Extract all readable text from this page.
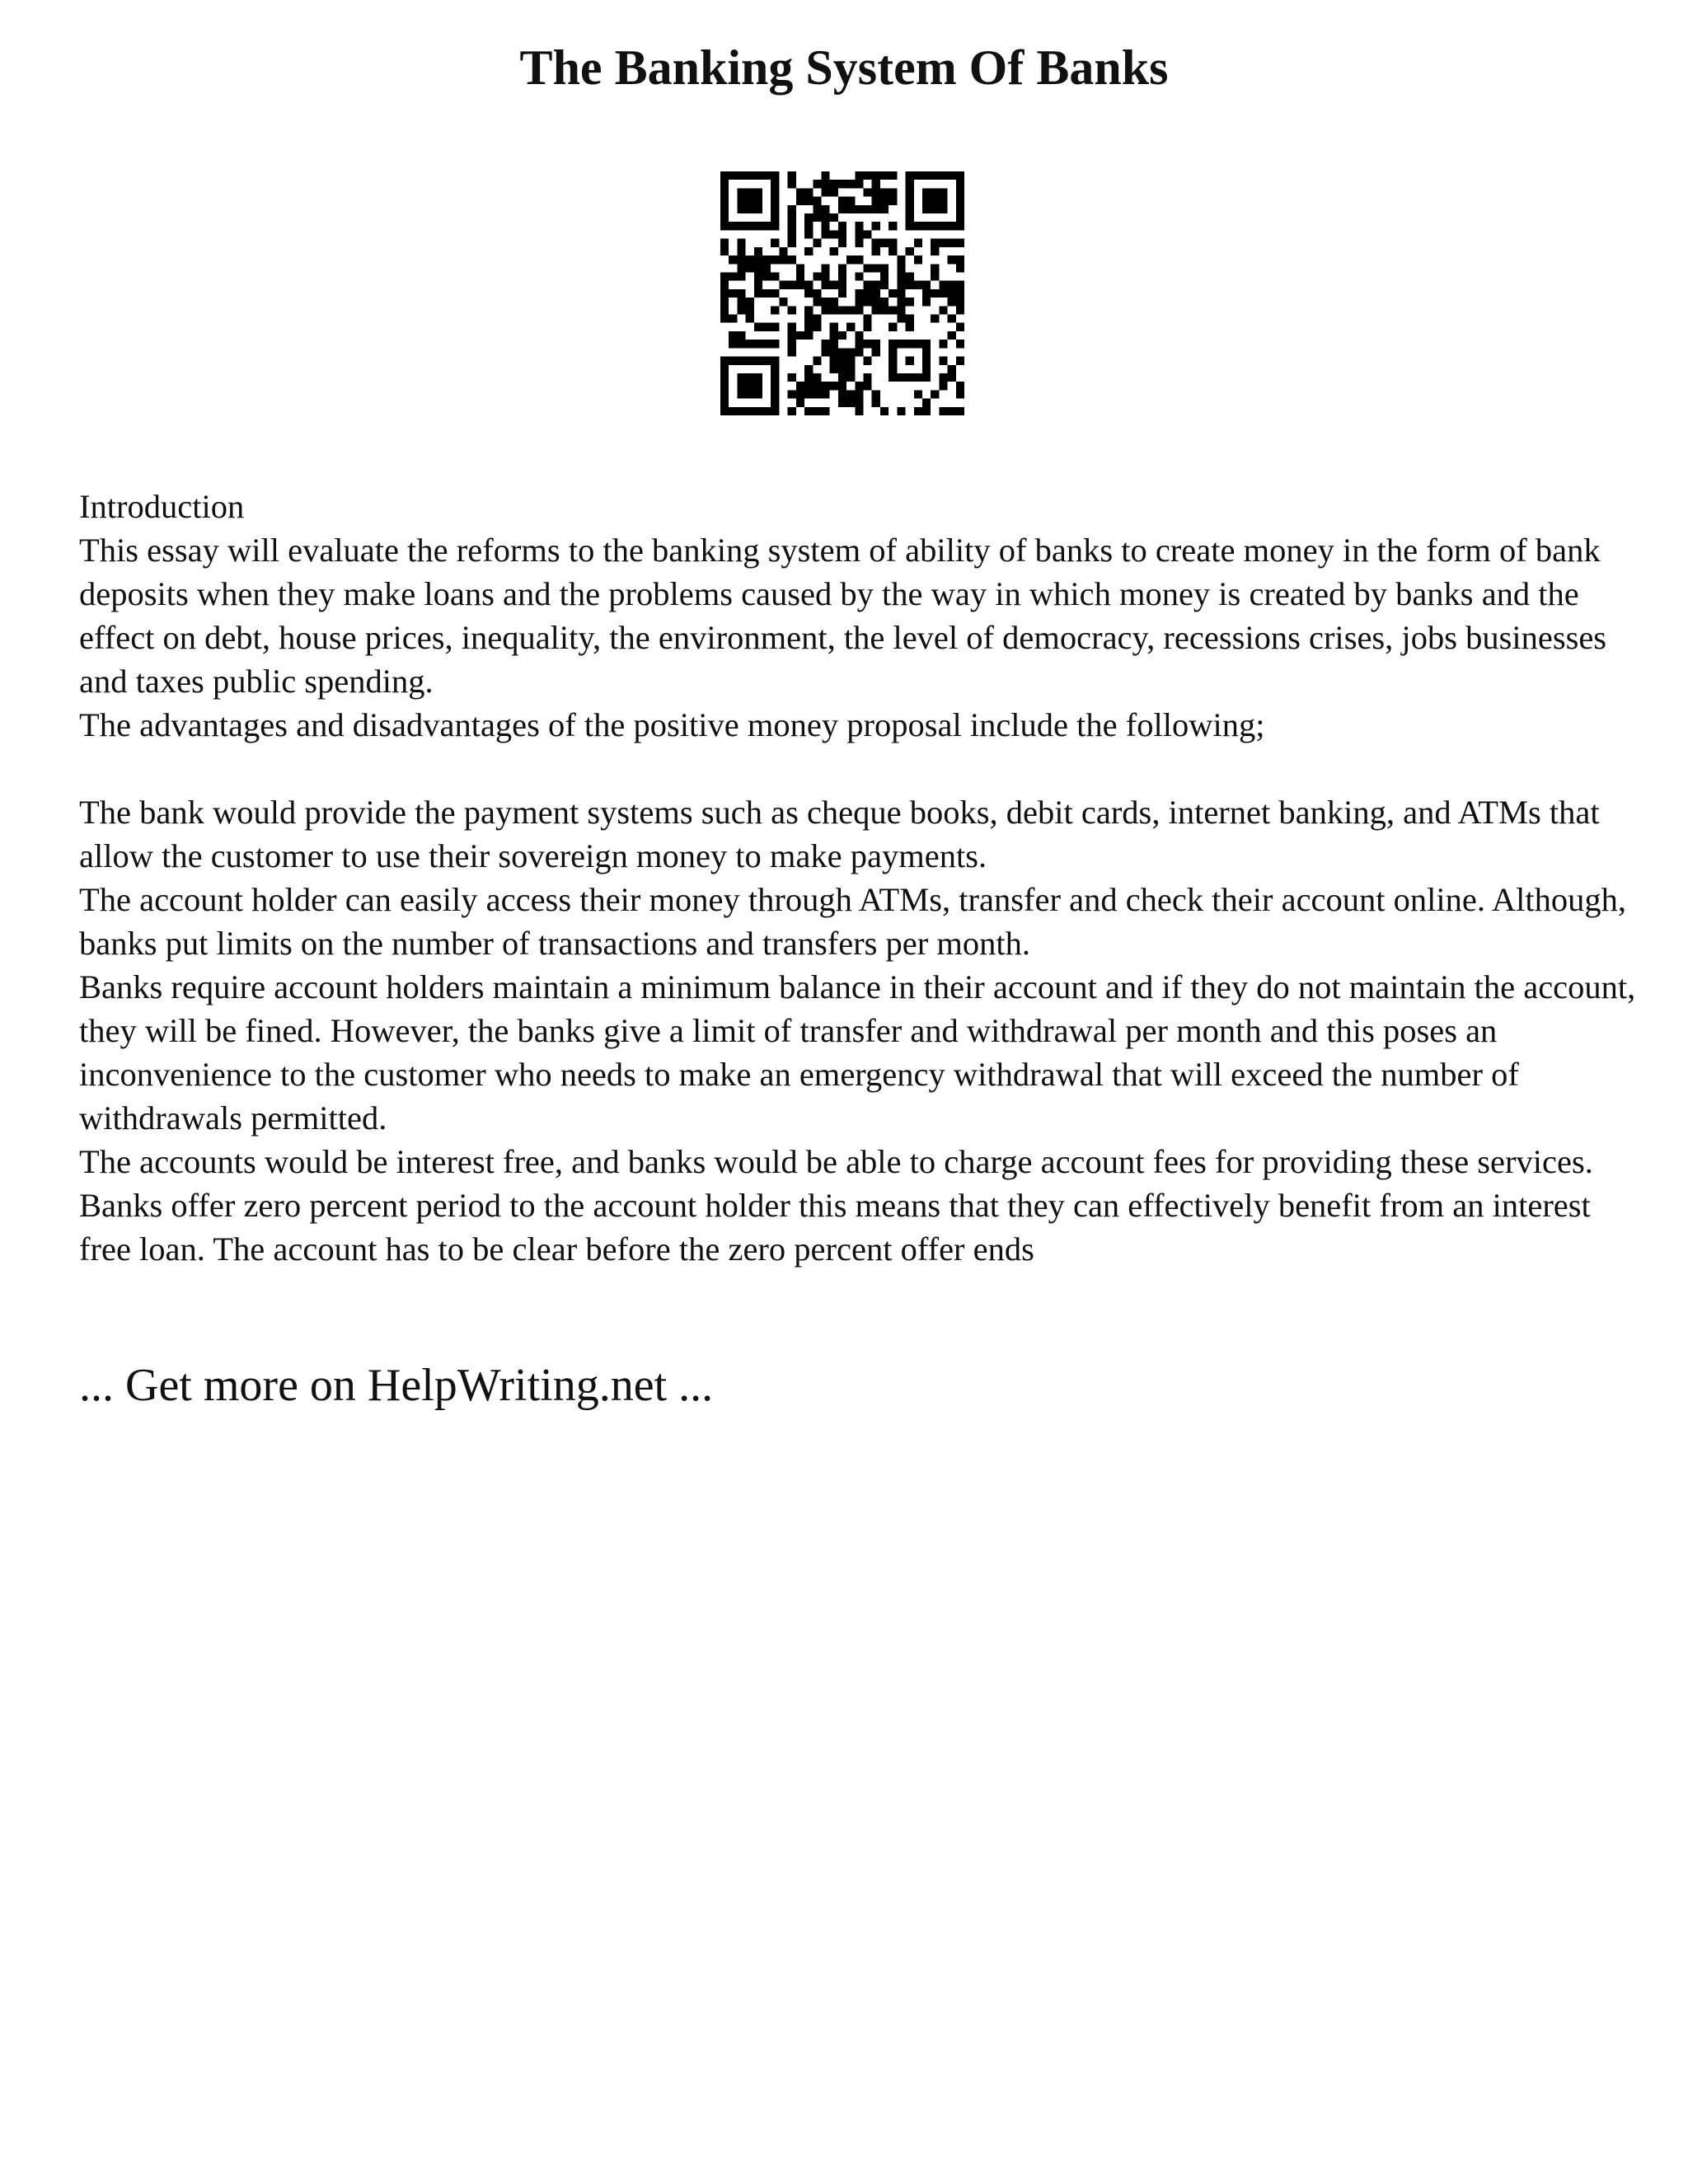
The Banking System Of Banks

Introduction

This essay will evaluate the reforms to the banking system of ability of banks to create money in the form of bank deposits when they make loans and the problems caused by the way in which money is created by banks and the effect on debt, house prices, inequality, the environment, the level of democracy, recessions crises, jobs businesses and taxes public spending.

The advantages and disadvantages of the positive money proposal include the following;

The bank would provide the payment systems such as cheque books, debit cards, internet banking, and ATMs that allow the customer to use their sovereign money to make payments.

The account holder can easily access their money through ATMs, transfer and check their account online. Although, banks put limits on the number of transactions and transfers per month.

Banks require account holders maintain a minimum balance in their account and if they do not maintain the account, they will be fined. However, the banks give a limit of transfer and withdrawal per month and this poses an inconvenience to the customer who needs to make an emergency withdrawal that will exceed the number of withdrawals permitted.

The accounts would be interest free, and banks would be able to charge account fees for providing these services.

Banks offer zero percent period to the account holder this means that they can effectively benefit from an interest free loan. The account has to be clear before the zero percent offer ends

... Get more on HelpWriting.net ...
